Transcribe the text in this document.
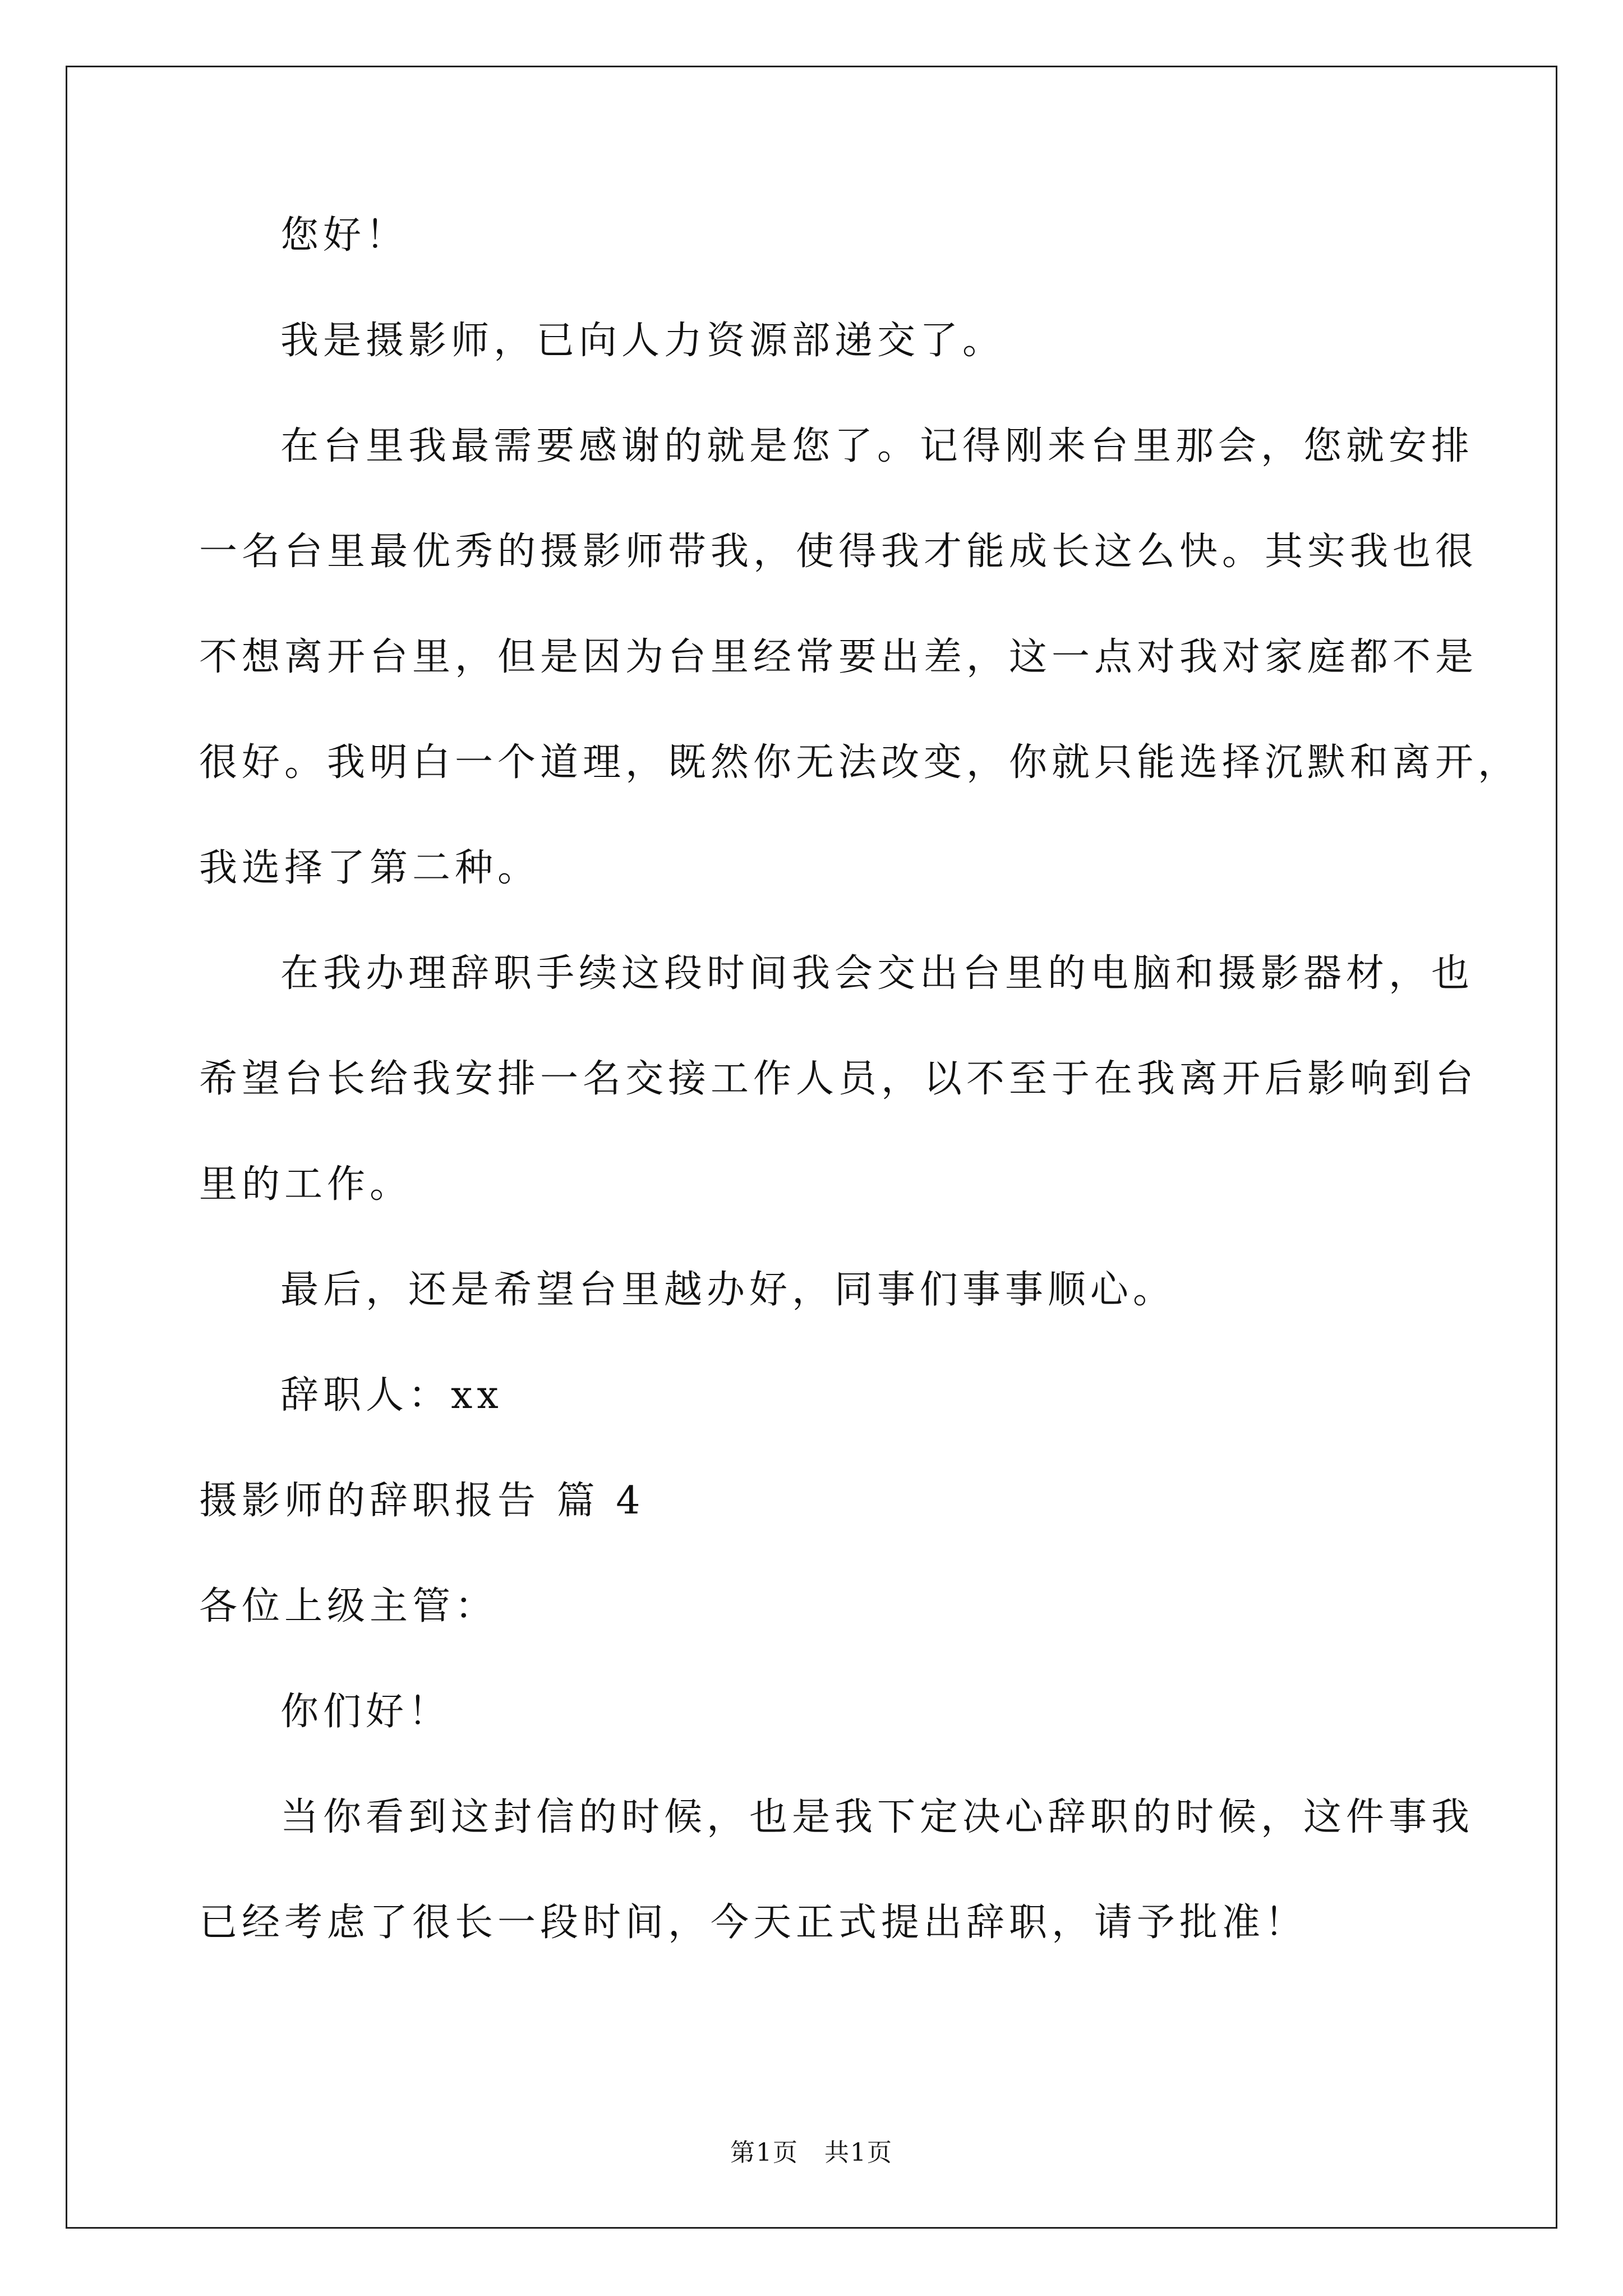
您好！
我是摄影师，已向人力资源部递交了。
在台里我最需要感谢的就是您了。记得刚来台里那会，您就安排
一名台里最优秀的摄影师带我，使得我才能成长这么快。其实我也很
不想离开台里，但是因为台里经常要出差，这一点对我对家庭都不是
很好。我明白一个道理，既然你无法改变，你就只能选择沉默和离开，
我选择了第二种。
在我办理辞职手续这段时间我会交出台里的电脑和摄影器材，也
希望台长给我安排一名交接工作人员，以不至于在我离开后影响到台
里的工作。
最后，还是希望台里越办好，同事们事事顺心。
辞职人：xx
摄影师的辞职报告 篇 4
各位上级主管：
你们好！
当你看到这封信的时候，也是我下定决心辞职的时候，这件事我
已经考虑了很长一段时间，今天正式提出辞职，请予批准！
第1页　共1页
